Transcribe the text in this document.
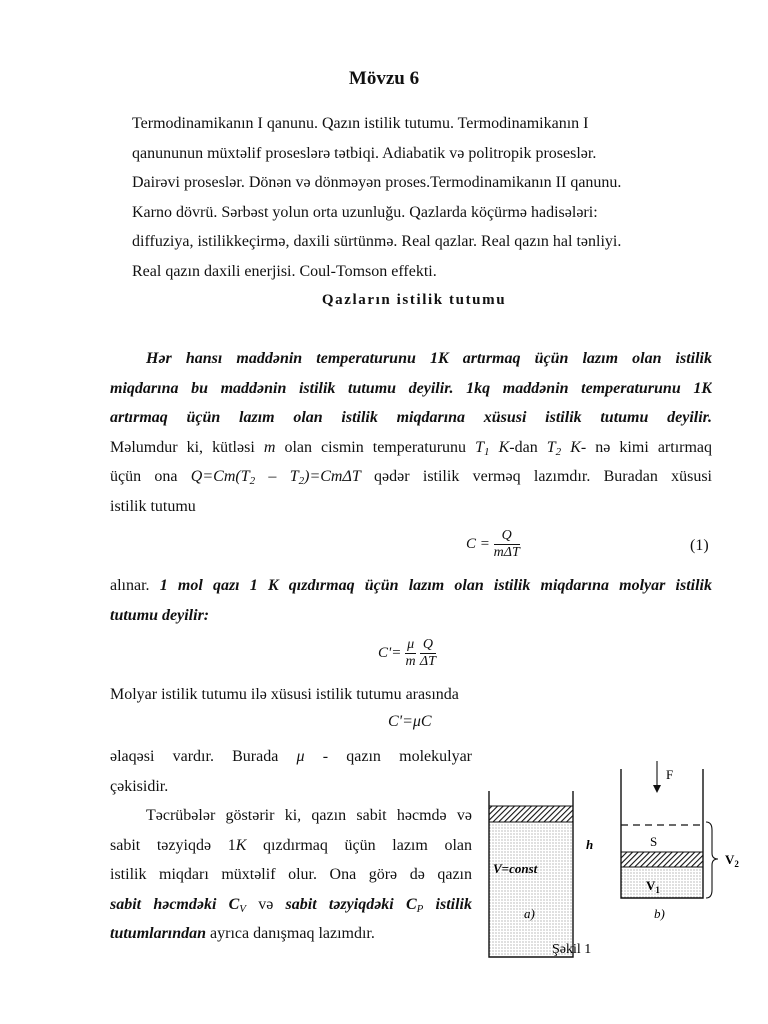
Mövzu 6
Termodinamikanın I qanunu. Qazın istilik tutumu. Termodinamikanın I
qanununun müxtəlif proseslərə tətbiqi. Adiabatik və politropik proseslər.
Dairəvi proseslər. Dönən və dönməyən proses.Termodinamikanın II qanunu.
Karno dövrü. Sərbəst yolun orta uzunluğu. Qazlarda köçürmə hadisələri:
diffuziya, istilikkeçirmə, daxili sürtünmə. Real qazlar. Real qazın hal tənliyi.
Real qazın daxili enerjisi. Coul-Tomson effekti.
Qazların istilik tutumu
Hər hansı maddənin temperaturunu 1K artırmaq üçün lazım olan istilik
miqdarına bu maddənin istilik tutumu deyilir. 1kq maddənin temperaturunu 1K
artırmaq üçün lazım olan istilik miqdarına xüsusi istilik tutumu deyilir.
Məlumdur ki, kütləsi m olan cismin temperaturunu $T_1$ K-dan $T_2$ K- nə kimi artırmaq
üçün ona $Q=Cm(T_2 - T_2)=Cm\Delta T$ qədər istilik verməq lazımdır. Buradan xüsusi
istilik tutumu
$C = \frac{Q}{\text{mΔT}}$	(1)
alınar. 1 mol qazı 1 K qızdırmaq üçün lazım olan istilik miqdarına molyar istilik
tutumu deyilir:
$C'= \frac{\mu}{m}$
$\frac{Q}{\Delta T}$
Molyar istilik tutumu ilə xüsusi istilik tutumu arasında
C'=μC
əlaqəsi vardır. Burada μ - qazın molekulyar
çəkisidir.
Təcrübələr göstərir ki, qazın sabit həcmdə və
sabit təzyiqdə 1K qızdırmaq üçün lazım olan
istilik miqdarı müxtəlif olur. Ona görə də qazın
sabit həcmdəki $C_V$ və sabit təzyiqdəki $C_P$ istilik
tutumlarından ayrıca danışmaq lazımdır.
V=const
a)
F
h	S
$V_1$
$V_2$
b)
Şəkil 1
